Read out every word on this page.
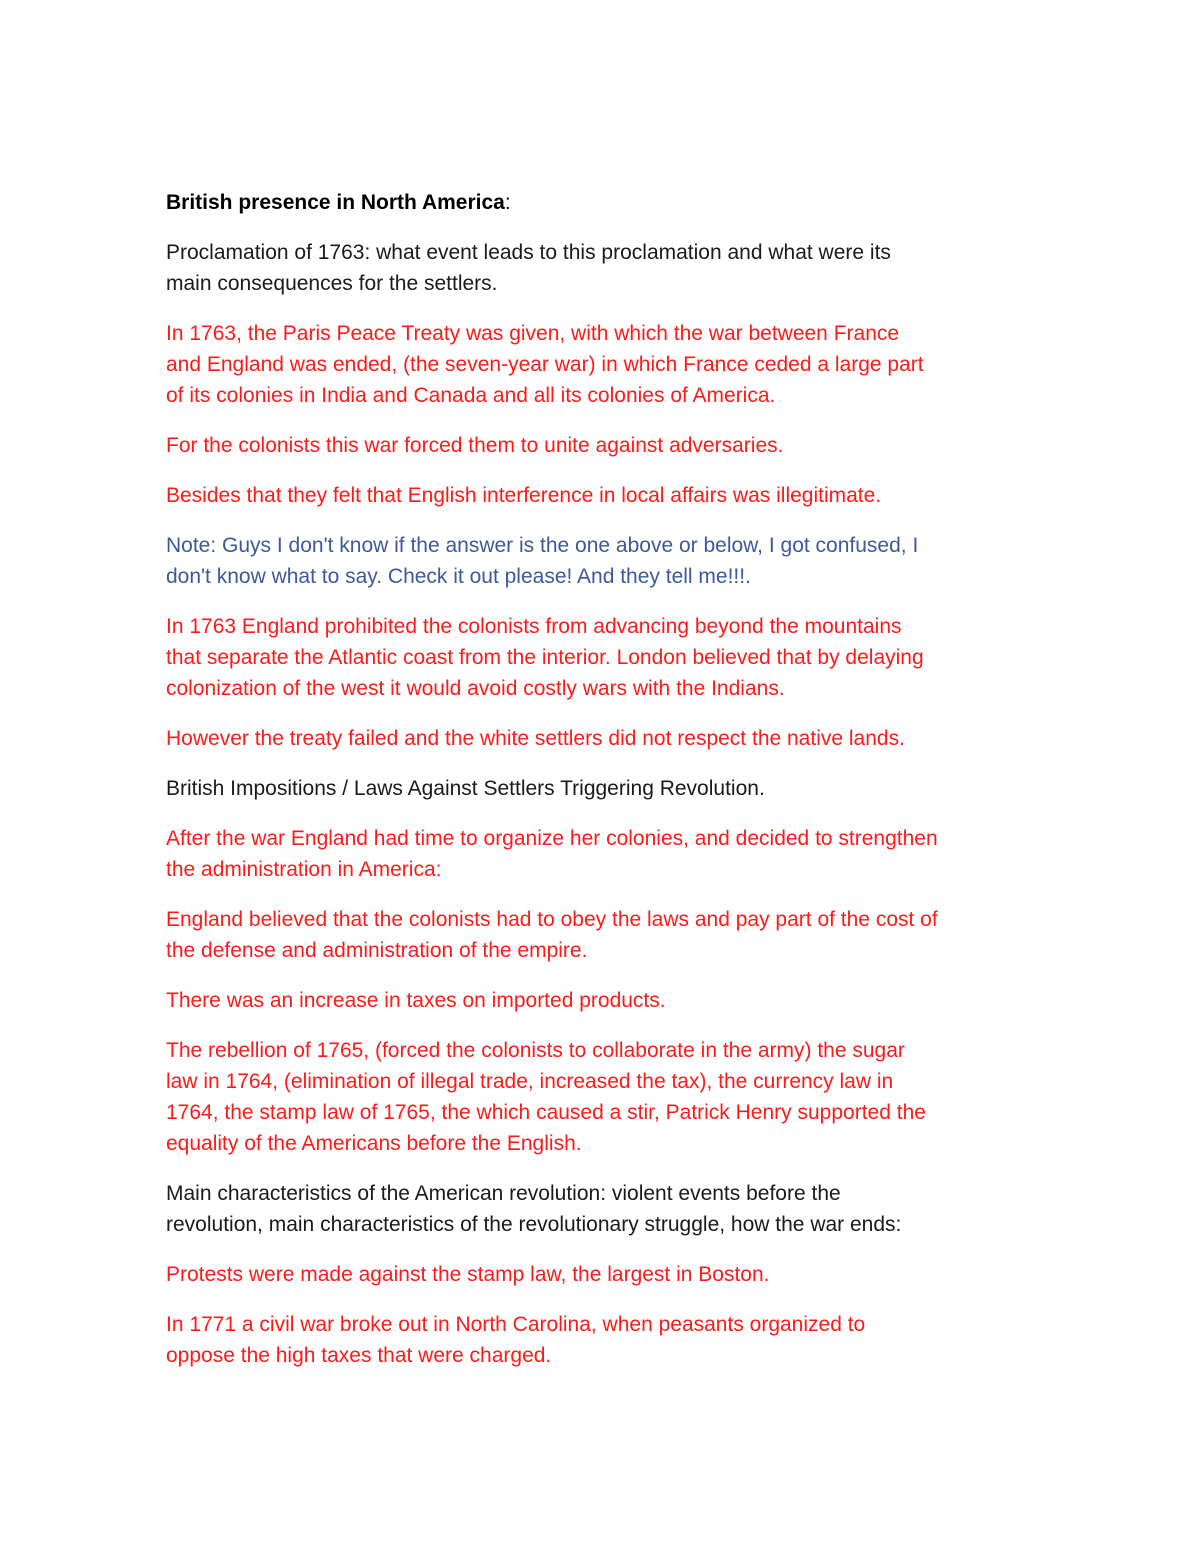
British presence in North America:

Proclamation of 1763: what event leads to this proclamation and what were its
main consequences for the settlers.

In 1763, the Paris Peace Treaty was given, with which the war between France
and England was ended, (the seven-year war) in which France ceded a large part
of its colonies in India and Canada and all its colonies of America.

For the colonists this war forced them to unite against adversaries.

Besides that they felt that English interference in local affairs was illegitimate.

Note: Guys I don't know if the answer is the one above or below, I got confused, I
don't know what to say. Check it out please! And they tell me!!!.

In 1763 England prohibited the colonists from advancing beyond the mountains
that separate the Atlantic coast from the interior. London believed that by delaying
colonization of the west it would avoid costly wars with the Indians.

However the treaty failed and the white settlers did not respect the native lands.

British Impositions / Laws Against Settlers Triggering Revolution.

After the war England had time to organize her colonies, and decided to strengthen
the administration in America:

England believed that the colonists had to obey the laws and pay part of the cost of
the defense and administration of the empire.

There was an increase in taxes on imported products.

The rebellion of 1765, (forced the colonists to collaborate in the army) the sugar
law in 1764, (elimination of illegal trade, increased the tax), the currency law in
1764, the stamp law of 1765, the which caused a stir, Patrick Henry supported the
equality of the Americans before the English.

Main characteristics of the American revolution: violent events before the
revolution, main characteristics of the revolutionary struggle, how the war ends:

Protests were made against the stamp law, the largest in Boston.

In 1771 a civil war broke out in North Carolina, when peasants organized to
oppose the high taxes that were charged.
